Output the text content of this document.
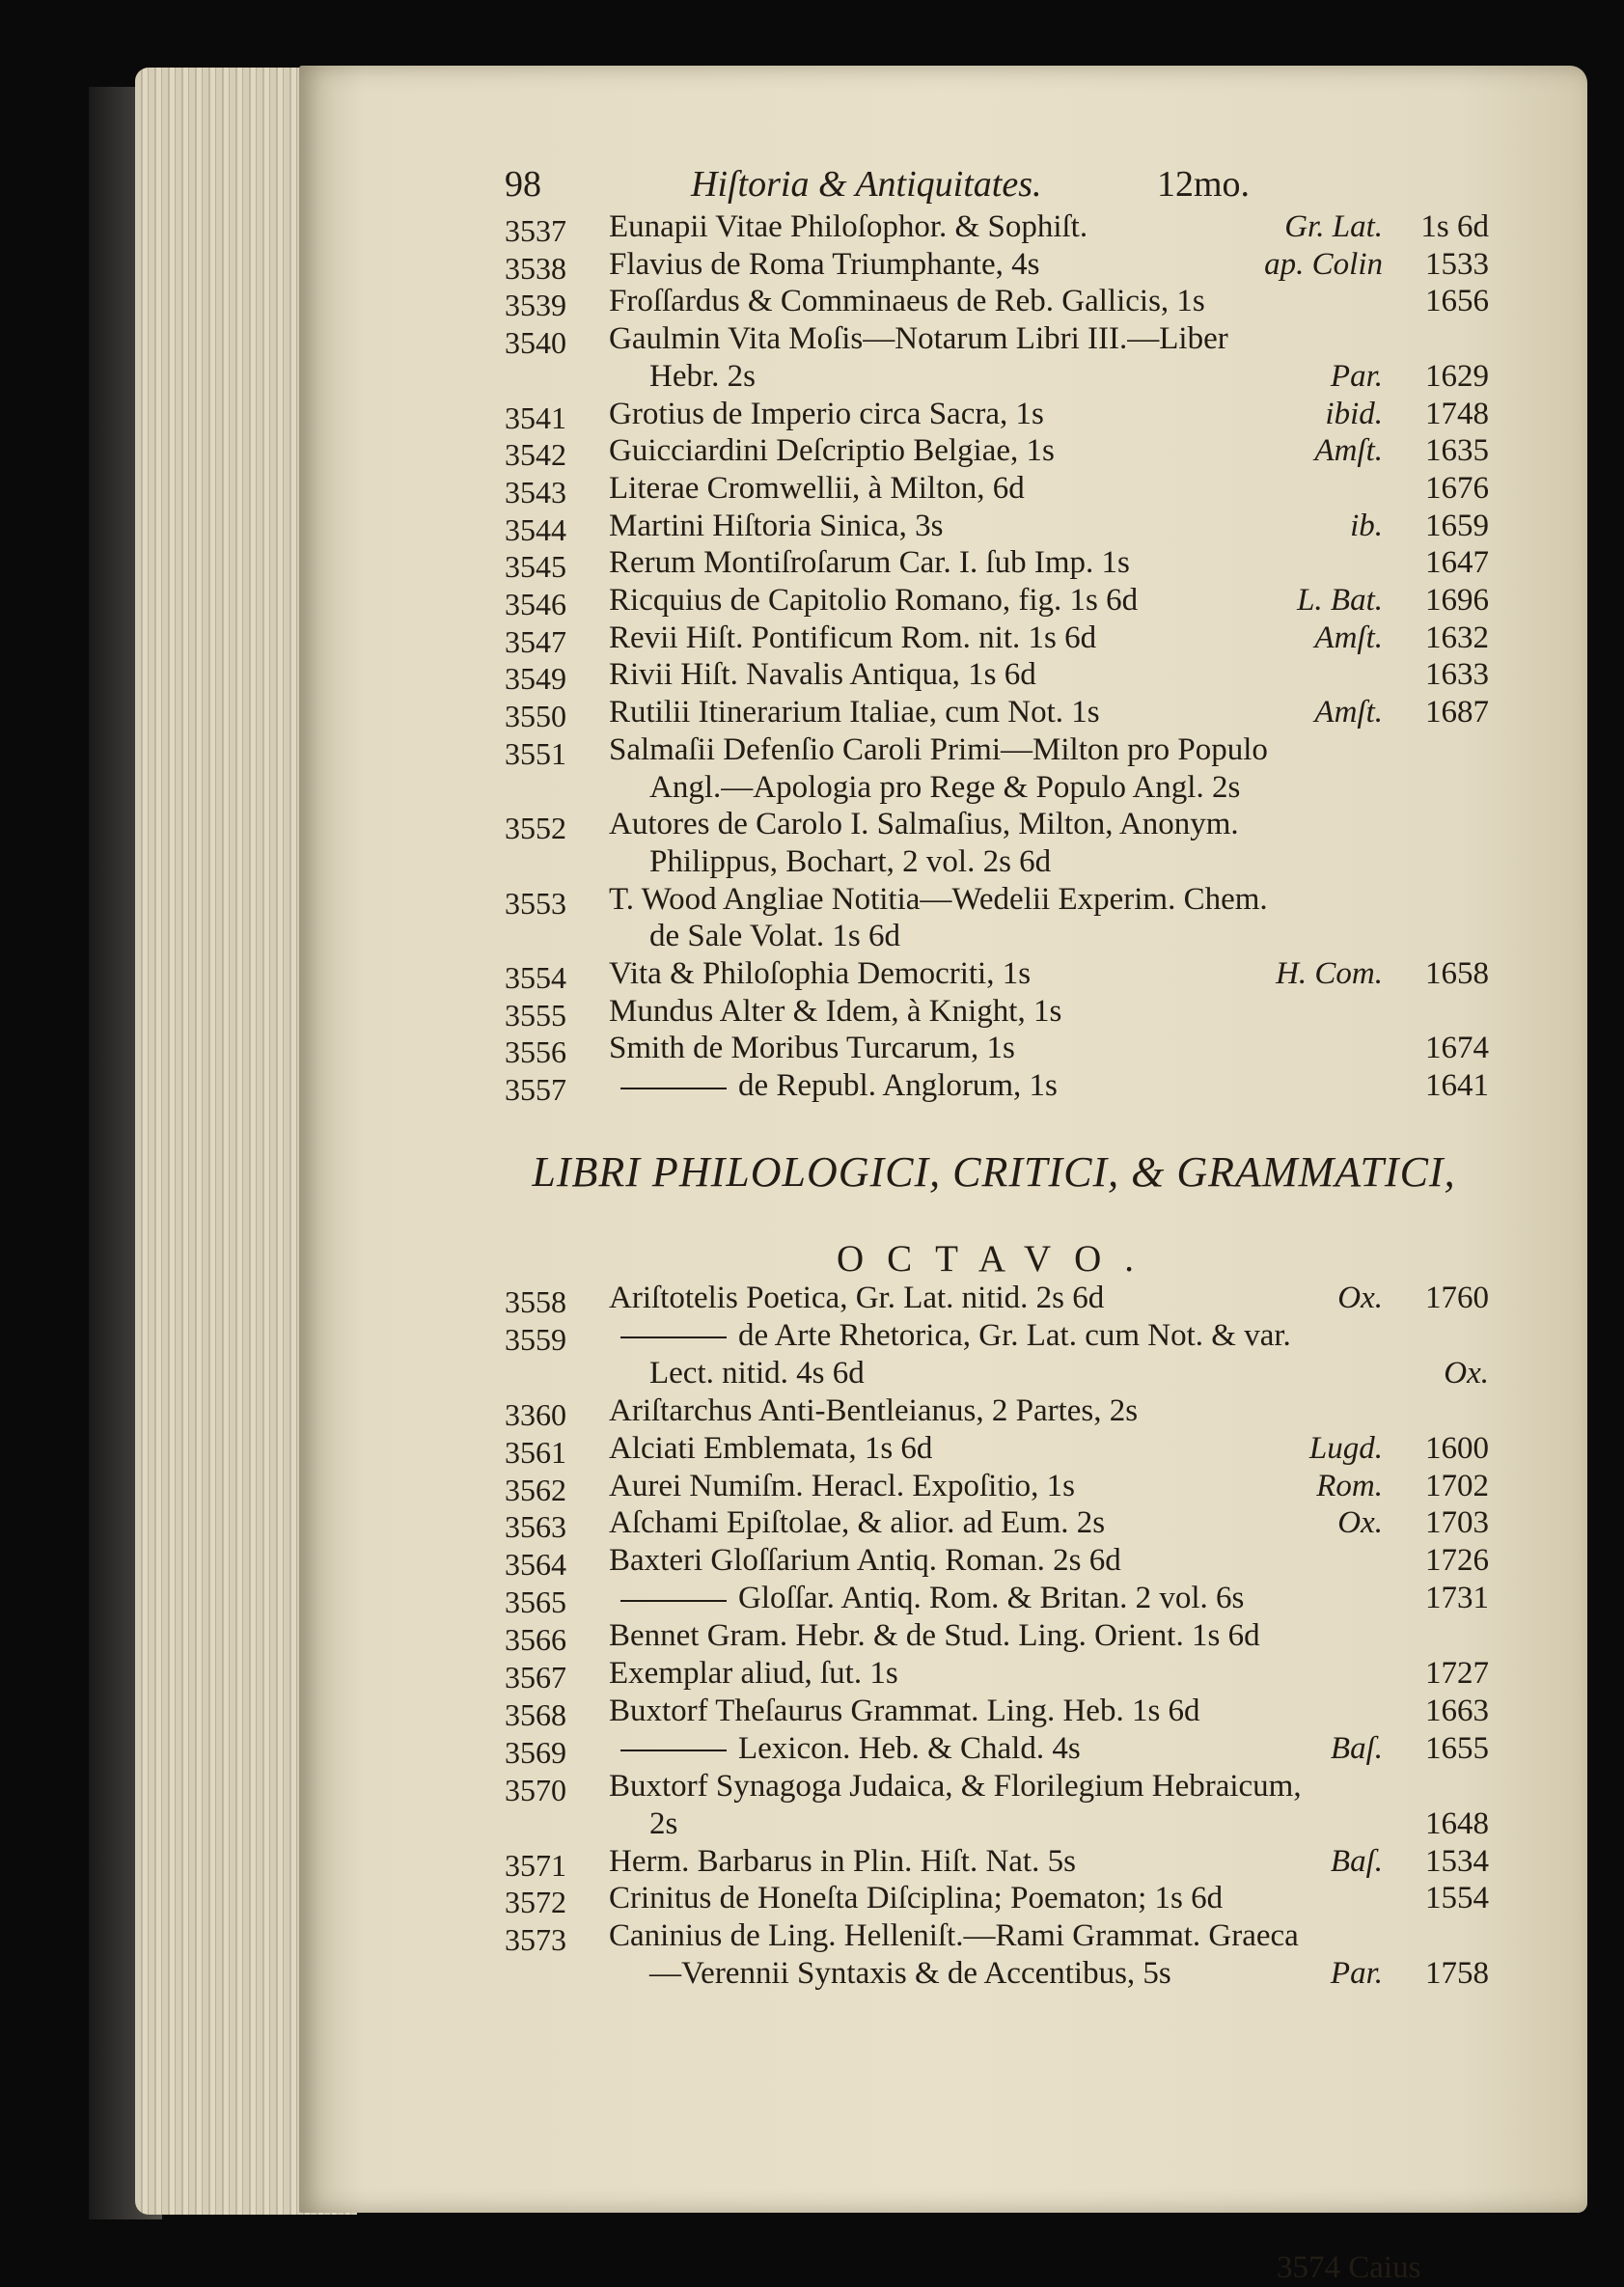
98	Hiſtoria & Antiquitates.	12mo.
3537 Eunapii Vitae Philoſophor. & Sophiſt.	Gr. Lat.	1s 6d
3538 Flavius de Roma Triumphante, 4s	ap. Colin	1533
3539 Froſſardus & Comminaeus de Reb. Gallicis, 1s	1656
3540 Gaulmin Vita Moſis—Notarum Libri III.—Liber
Hebr. 2s	Par.	1629
3541 Grotius de Imperio circa Sacra, 1s	ibid.	1748
3542 Guicciardini Deſcriptio Belgiae, 1s	Amſt.	1635
3543 Literae Cromwellii, à Milton, 6d	1676
3544 Martini Hiſtoria Sinica, 3s	ib.	1659
3545 Rerum Montiſroſarum Car. I. ſub Imp. 1s	1647
3546 Ricquius de Capitolio Romano, fig. 1s 6d	L. Bat.	1696
3547 Revii Hiſt. Pontificum Rom. nit. 1s 6d	Amſt.	1632
3549 Rivii Hiſt. Navalis Antiqua, 1s 6d	1633
3550 Rutilii Itinerarium Italiae, cum Not. 1s	Amſt.	1687
3551 Salmaſii Defenſio Caroli Primi—Milton pro Populo
Angl.—Apologia pro Rege & Populo Angl. 2s
3552 Autores de Carolo I. Salmaſius, Milton, Anonym.
Philippus, Bochart, 2 vol. 2s 6d
3553 T. Wood Angliae Notitia—Wedelii Experim. Chem.
de Sale Volat. 1s 6d
3554 Vita & Philoſophia Democriti, 1s	H. Com.	1658
3555 Mundus Alter & Idem, à Knight, 1s
3556 Smith de Moribus Turcarum, 1s	1674
3557	de Republ. Anglorum, 1s	1641
LIBRI PHILOLOGICI, CRITICI, & GRAMMATICI,
OCTAVO.
3558 Ariſtotelis Poetica, Gr. Lat. nitid. 2s 6d	Ox.	1760
3559	de Arte Rhetorica, Gr. Lat. cum Not. & var.
Lect. nitid. 4s 6d	Ox.
3360 Ariſtarchus Anti-Bentleianus, 2 Partes, 2s
3561 Alciati Emblemata, 1s 6d	Lugd.	1600
3562 Aurei Numiſm. Heracl. Expoſitio, 1s	Rom.	1702
3563 Aſchami Epiſtolae, & alior. ad Eum. 2s	Ox.	1703
3564 Baxteri Gloſſarium Antiq. Roman. 2s 6d	1726
3565	Gloſſar. Antiq. Rom. & Britan. 2 vol. 6s	1731
3566 Bennet Gram. Hebr. & de Stud. Ling. Orient. 1s 6d
3567 Exemplar aliud, ſut. 1s	1727
3568 Buxtorf Theſaurus Grammat. Ling. Heb. 1s 6d	1663
3569	Lexicon. Heb. & Chald. 4s	Baſ.	1655
3570 Buxtorf Synagoga Judaica, & Florilegium Hebraicum,
2s	1648
3571 Herm. Barbarus in Plin. Hiſt. Nat. 5s	Baſ.	1534
3572 Crinitus de Honeſta Diſciplina; Poematon; 1s 6d	1554
3573 Caninius de Ling. Helleniſt.—Rami Grammat. Graeca
—Verennii Syntaxis & de Accentibus, 5s	Par.	1758
3574 Caius
